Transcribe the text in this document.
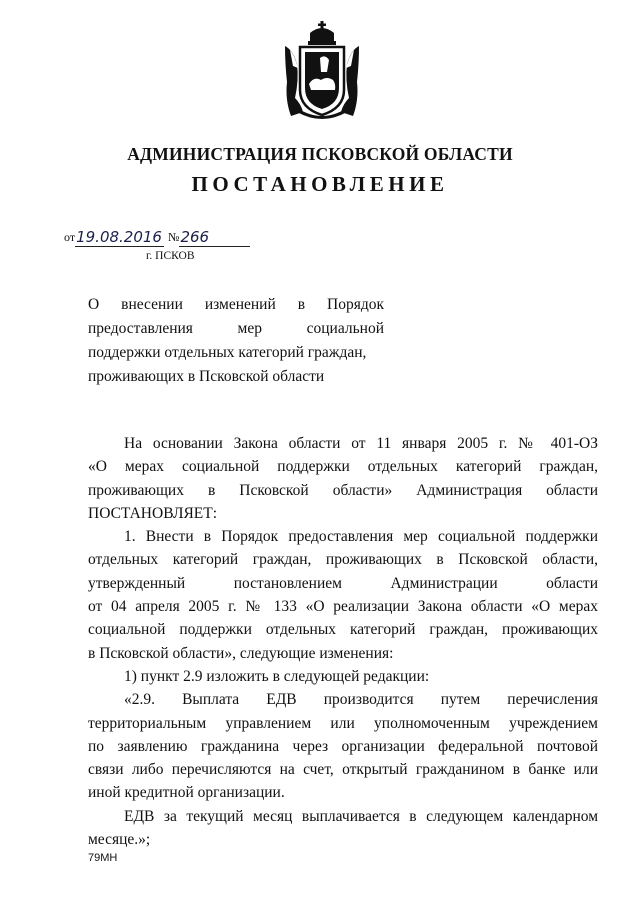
АДМИНИСТРАЦИЯ ПСКОВСКОЙ ОБЛАСТИ
ПОСТАНОВЛЕНИЕ
от19.08.2016 №266
г. ПСКОВ
О внесении изменений в Порядок
предоставления мер социальной
поддержки отдельных категорий граждан,
проживающих в Псковской области

На основании Закона области от 11 января 2005 г. № 401-ОЗ
«О мерах социальной поддержки отдельных категорий граждан,
проживающих в Псковской области» Администрация области
ПОСТАНОВЛЯЕТ:

1. Внести в Порядок предоставления мер социальной поддержки
отдельных категорий граждан, проживающих в Псковской области,
утвержденный постановлением Администрации области
от 04 апреля 2005 г. № 133 «О реализации Закона области «О мерах
социальной поддержки отдельных категорий граждан, проживающих
в Псковской области», следующие изменения:

1) пункт 2.9 изложить в следующей редакции:

«2.9. Выплата ЕДВ производится путем перечисления
территориальным управлением или уполномоченным учреждением
по заявлению гражданина через организации федеральной почтовой
связи либо перечисляются на счет, открытый гражданином в банке или
иной кредитной организации.

ЕДВ за текущий месяц выплачивается в следующем календарном
месяце.»;

79МН
